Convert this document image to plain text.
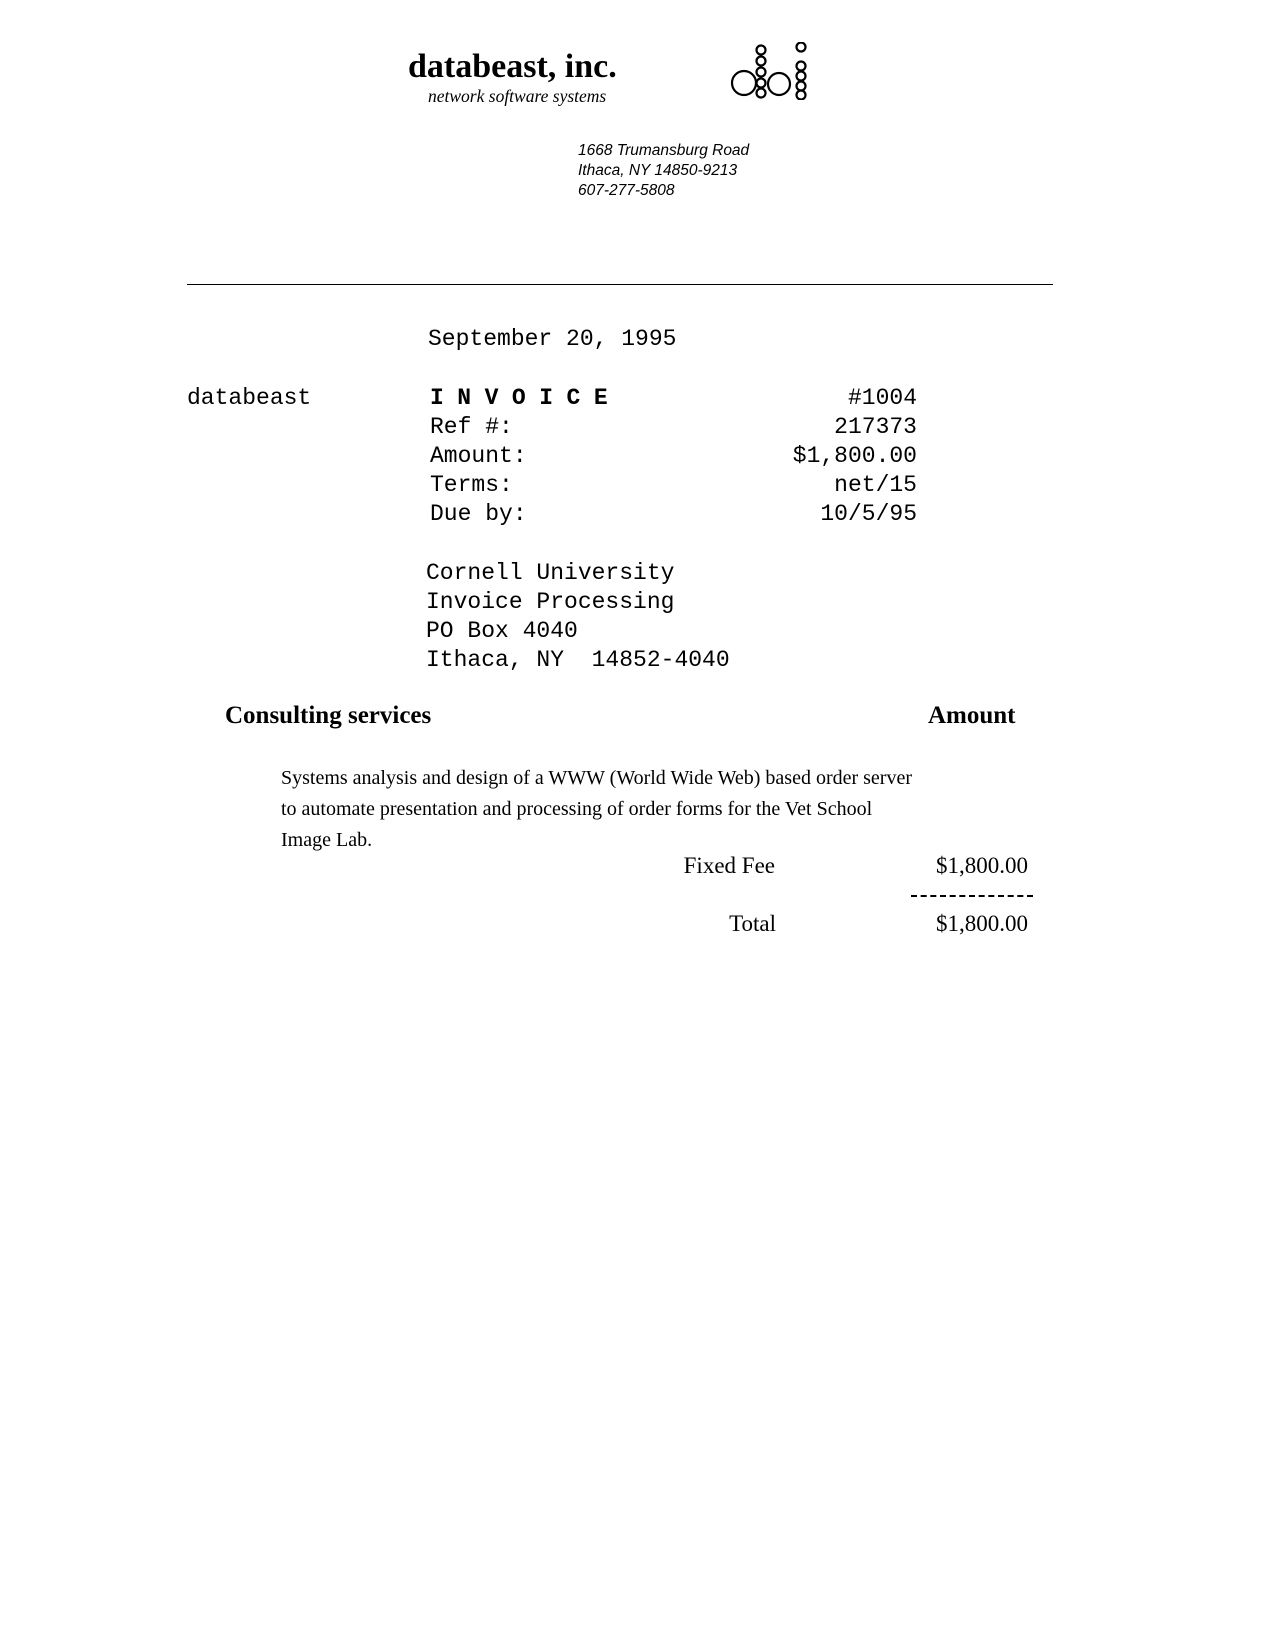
databeast, inc.
network software systems
1668 Trumansburg Road
Ithaca, NY 14850-9213
607-277-5808
September 20, 1995
databeast	INVOICE	#1004
Ref #:	217373
Amount:	$1,800.00
Terms:	net/15
Due by:	10/5/95
Cornell University
Invoice Processing
PO Box 4040
Ithaca, NY  14852-4040
Consulting services	Amount
Systems analysis and design of a WWW (World Wide Web) based order server to automate presentation and processing of order forms for the Vet School Image Lab.
Fixed Fee	$1,800.00
Total	$1,800.00
